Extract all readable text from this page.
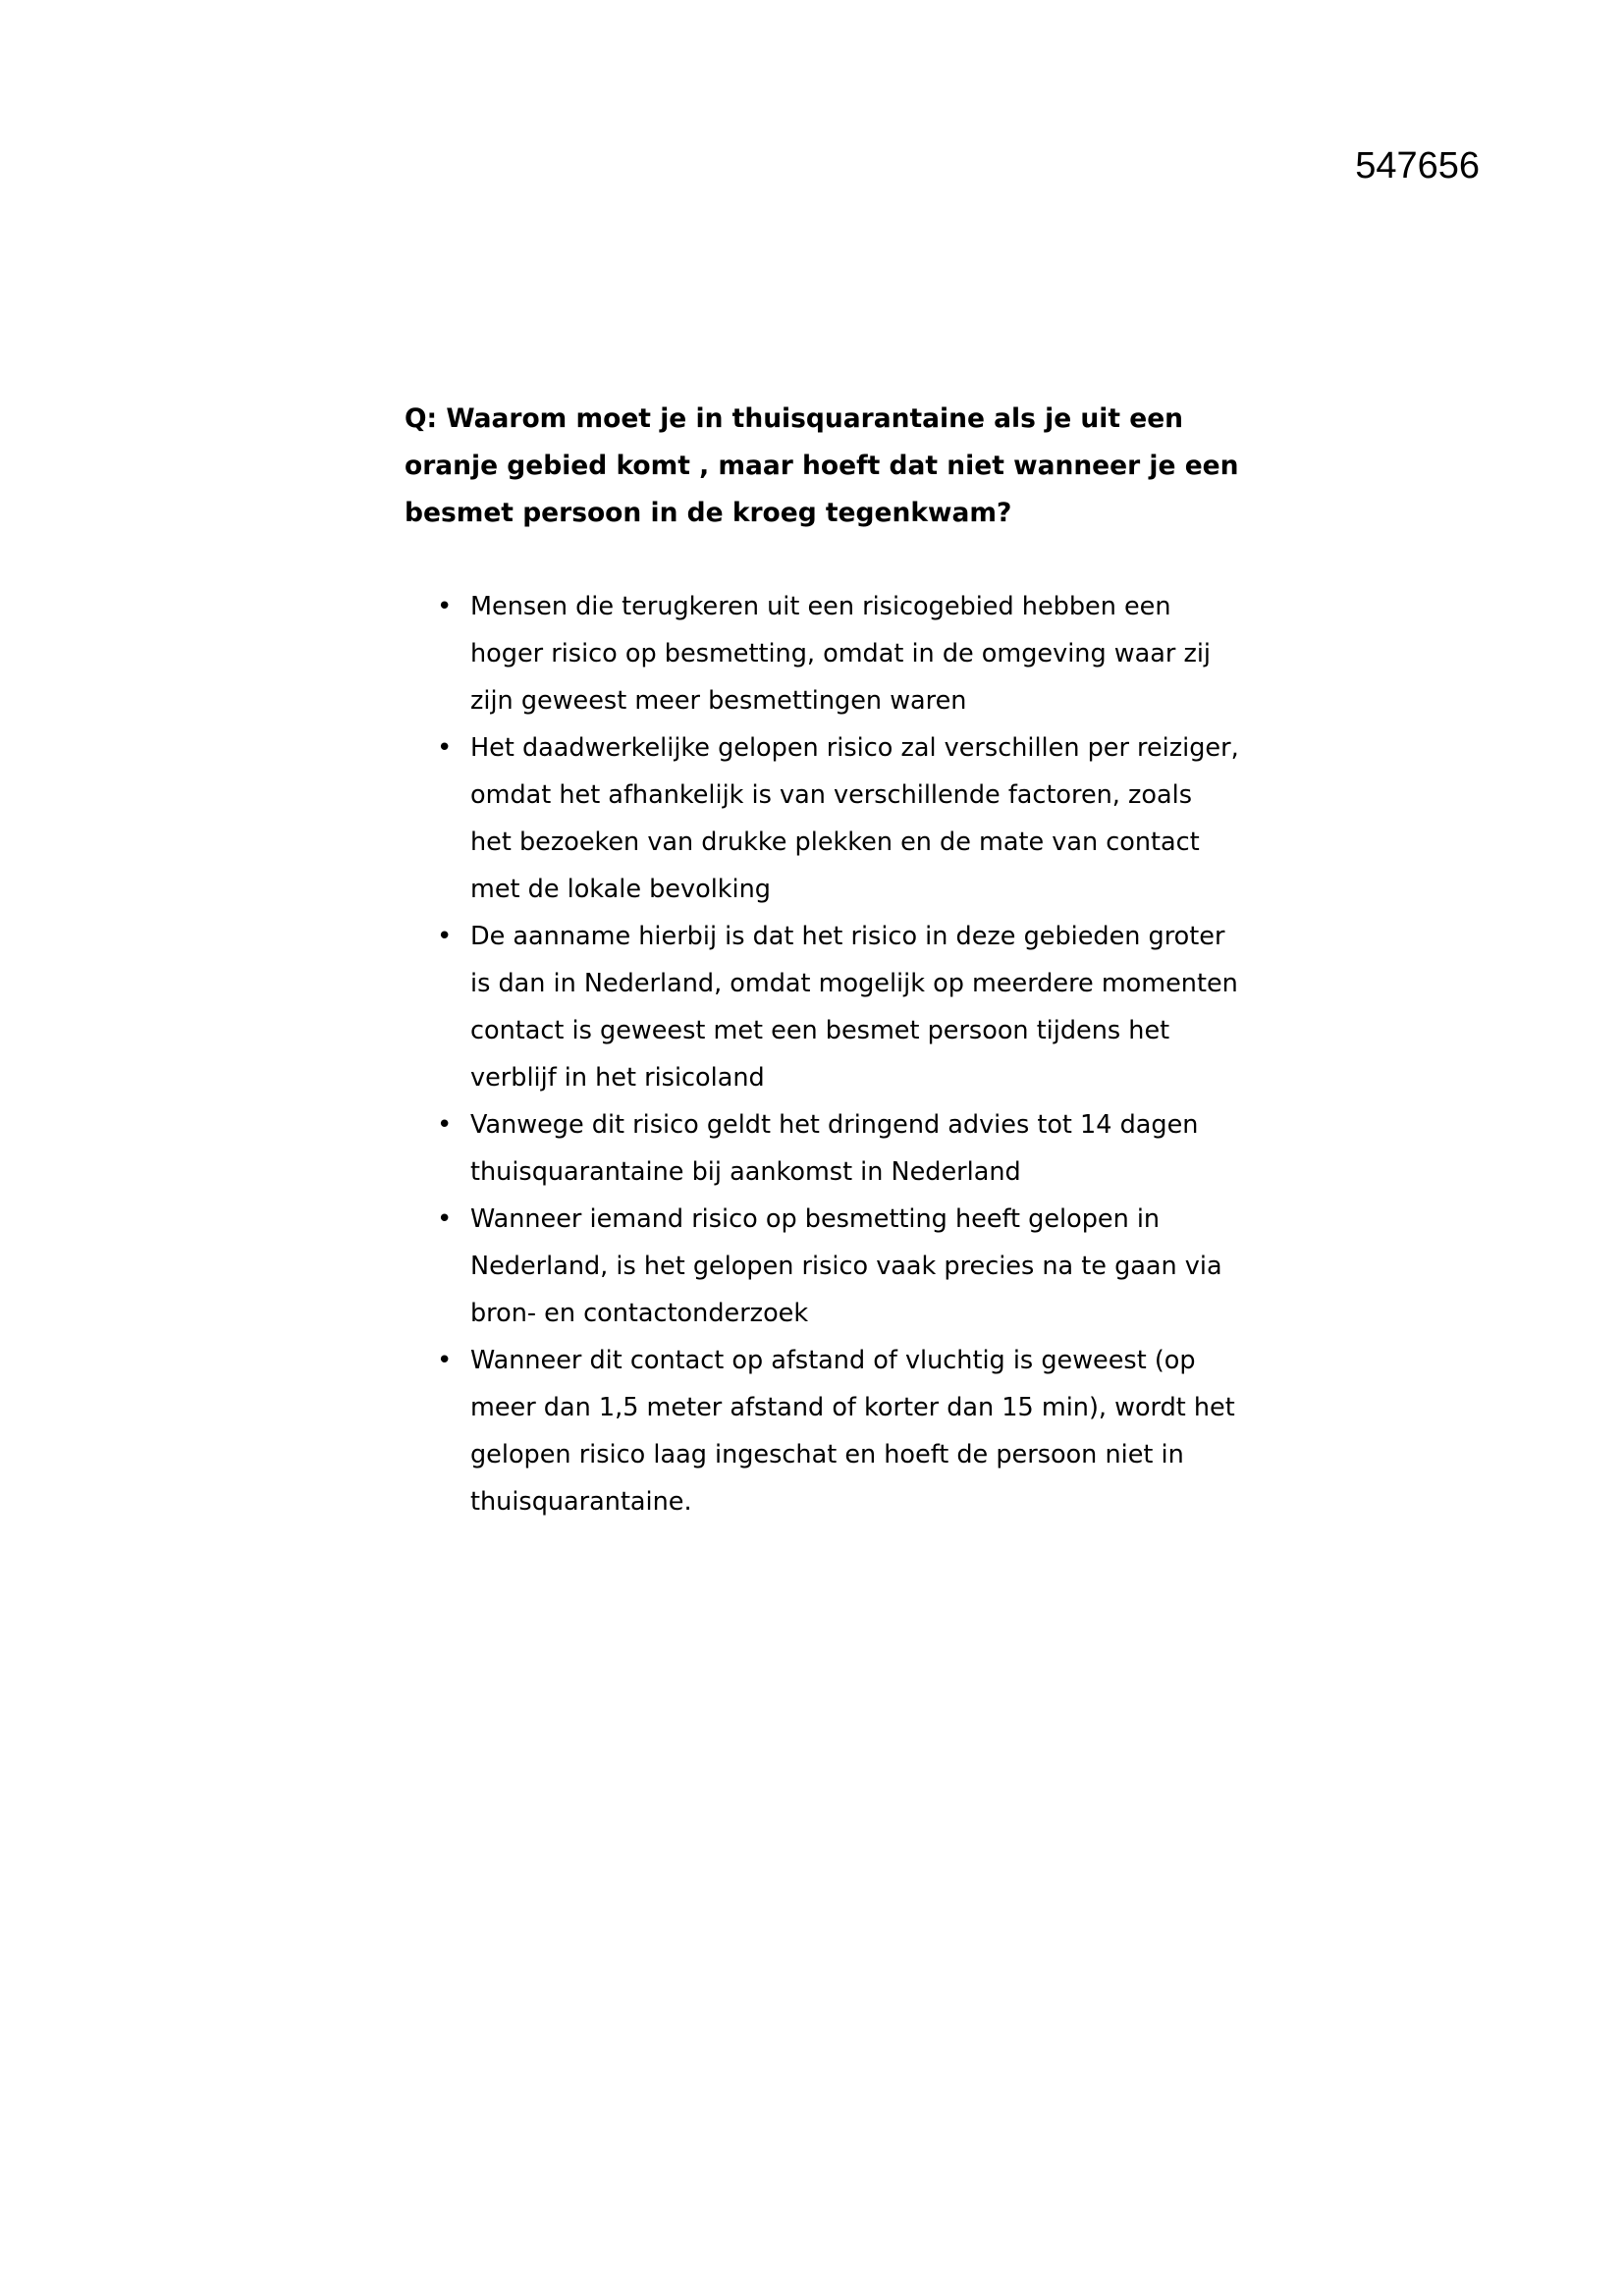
547656

Q: Waarom moet je in thuisquarantaine als je uit een oranje gebied komt , maar hoeft dat niet wanneer je een besmet persoon in de kroeg tegenkwam?

• Mensen die terugkeren uit een risicogebied hebben een hoger risico op besmetting, omdat in de omgeving waar zij zijn geweest meer besmettingen waren
• Het daadwerkelijke gelopen risico zal verschillen per reiziger, omdat het afhankelijk is van verschillende factoren, zoals het bezoeken van drukke plekken en de mate van contact met de lokale bevolking
• De aanname hierbij is dat het risico in deze gebieden groter is dan in Nederland, omdat mogelijk op meerdere momenten contact is geweest met een besmet persoon tijdens het verblijf in het risicoland
• Vanwege dit risico geldt het dringend advies tot 14 dagen thuisquarantaine bij aankomst in Nederland
• Wanneer iemand risico op besmetting heeft gelopen in Nederland, is het gelopen risico vaak precies na te gaan via bron- en contactonderzoek
• Wanneer dit contact op afstand of vluchtig is geweest (op meer dan 1,5 meter afstand of korter dan 15 min), wordt het gelopen risico laag ingeschat en hoeft de persoon niet in thuisquarantaine.
